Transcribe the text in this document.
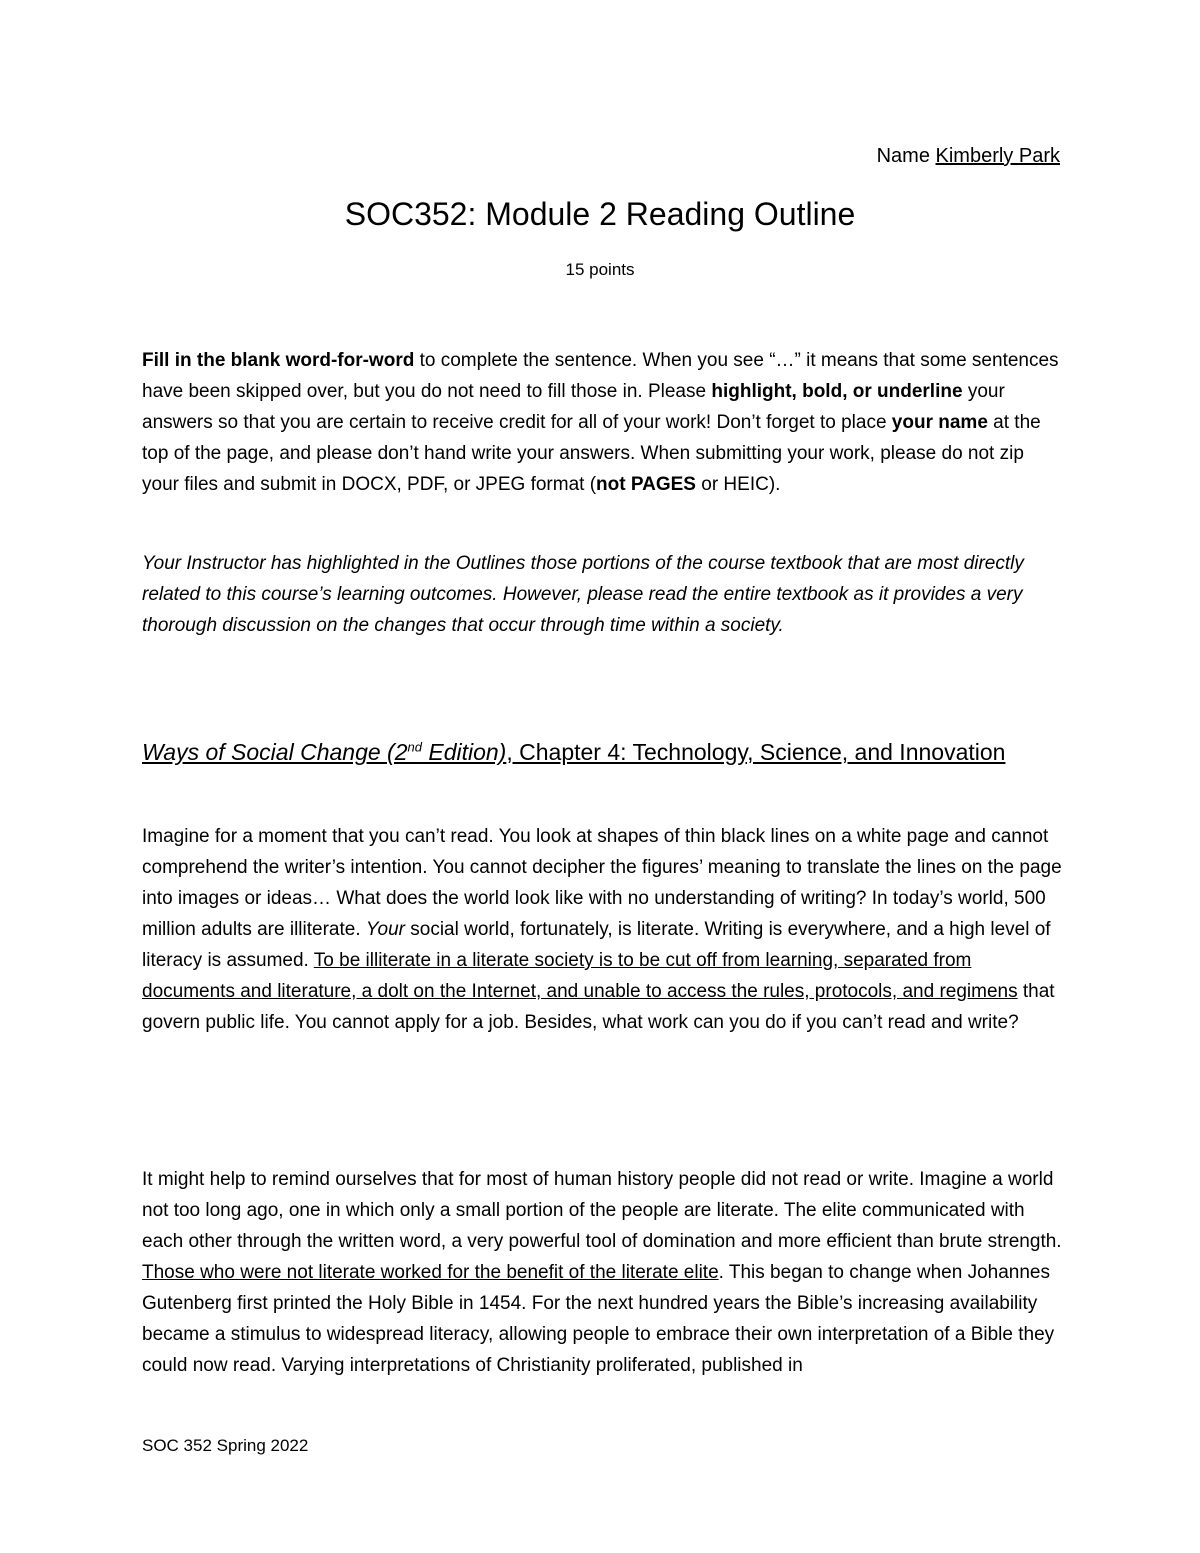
Name Kimberly Park
SOC352: Module 2 Reading Outline
15 points
Fill in the blank word-for-word to complete the sentence. When you see “…” it means that some sentences have been skipped over, but you do not need to fill those in. Please highlight, bold, or underline your answers so that you are certain to receive credit for all of your work! Don’t forget to place your name at the top of the page, and please don’t hand write your answers. When submitting your work, please do not zip your files and submit in DOCX, PDF, or JPEG format (not PAGES or HEIC).
Your Instructor has highlighted in the Outlines those portions of the course textbook that are most directly related to this course’s learning outcomes. However, please read the entire textbook as it provides a very thorough discussion on the changes that occur through time within a society.
Ways of Social Change (2nd Edition), Chapter 4: Technology, Science, and Innovation
Imagine for a moment that you can’t read. You look at shapes of thin black lines on a white page and cannot comprehend the writer’s intention. You cannot decipher the figures’ meaning to translate the lines on the page into images or ideas… What does the world look like with no understanding of writing? In today’s world, 500 million adults are illiterate. Your social world, fortunately, is literate. Writing is everywhere, and a high level of literacy is assumed. To be illiterate in a literate society is to be cut off from learning, separated from documents and literature, a dolt on the Internet, and unable to access the rules, protocols, and regimens that govern public life. You cannot apply for a job. Besides, what work can you do if you can’t read and write?
It might help to remind ourselves that for most of human history people did not read or write. Imagine a world not too long ago, one in which only a small portion of the people are literate. The elite communicated with each other through the written word, a very powerful tool of domination and more efficient than brute strength. Those who were not literate worked for the benefit of the literate elite. This began to change when Johannes Gutenberg first printed the Holy Bible in 1454. For the next hundred years the Bible’s increasing availability became a stimulus to widespread literacy, allowing people to embrace their own interpretation of a Bible they could now read. Varying interpretations of Christianity proliferated, published in
SOC 352 Spring 2022
